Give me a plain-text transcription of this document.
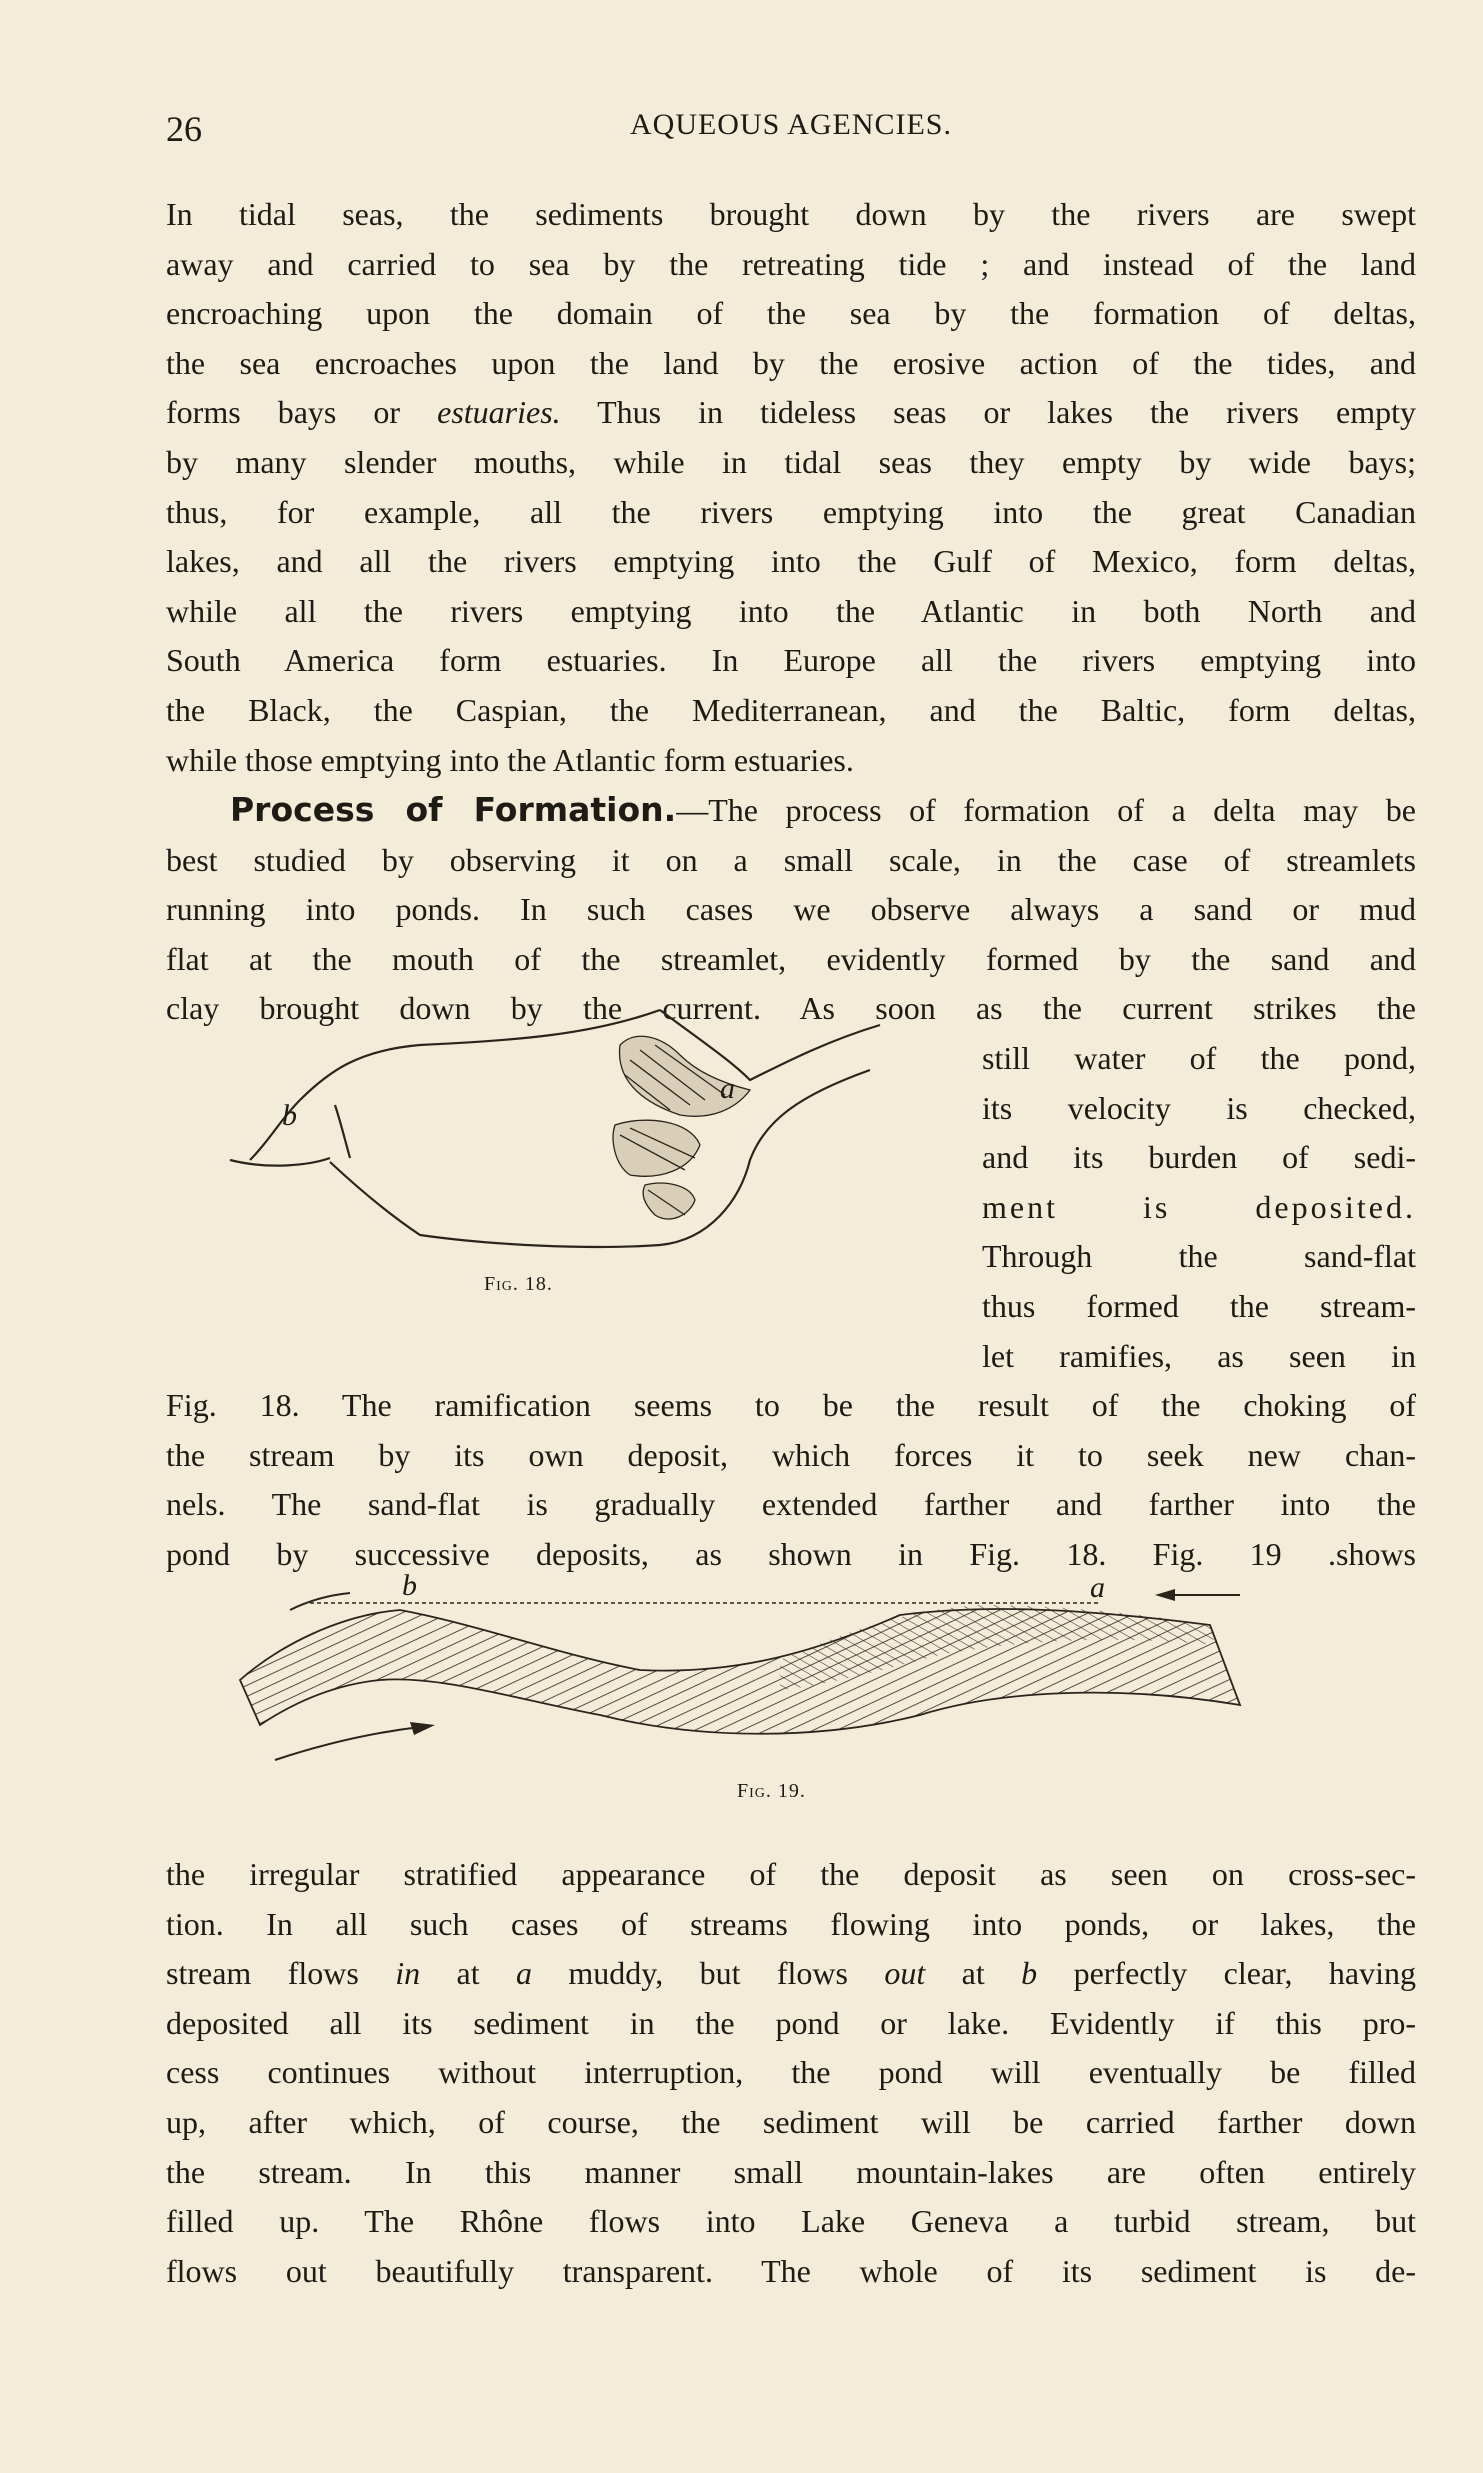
26	AQUEOUS AGENCIES.
In tidal seas, the sediments brought down by the rivers are swept
away and carried to sea by the retreating tide ; and instead of the land
encroaching upon the domain of the sea by the formation of deltas,
the sea encroaches upon the land by the erosive action of the tides, and
forms bays or estuaries. Thus in tideless seas or lakes the rivers empty
by many slender mouths, while in tidal seas they empty by wide bays;
thus, for example, all the rivers emptying into the great Canadian
lakes, and all the rivers emptying into the Gulf of Mexico, form deltas,
while all the rivers emptying into the Atlantic in both North and
South America form estuaries. In Europe all the rivers emptying into
the Black, the Caspian, the Mediterranean, and the Baltic, form deltas,
while those emptying into the Atlantic form estuaries.
Process of Formation.—The process of formation of a delta may be
best studied by observing it on a small scale, in the case of streamlets
running into ponds. In such cases we observe always a sand or mud
flat at the mouth of the streamlet, evidently formed by the sand and
clay brought down by the current. As soon as the current strikes the
still water of the pond,
its velocity is checked,
and its burden of sedi-
ment is deposited.
Through the sand-flat
thus formed the stream-
let ramifies, as seen in
Fig. 18. The ramification seems to be the result of the choking of
the stream by its own deposit, which forces it to seek new chan-
nels. The sand-flat is gradually extended farther and farther into the
pond by successive deposits, as shown in Fig. 18. Fig. 19 .shows
b
a
Fig. 18.
b	a
Fig. 19.
the irregular stratified appearance of the deposit as seen on cross-sec-
tion. In all such cases of streams flowing into ponds, or lakes, the
stream flows in at a muddy, but flows out at b perfectly clear, having
deposited all its sediment in the pond or lake. Evidently if this pro-
cess continues without interruption, the pond will eventually be filled
up, after which, of course, the sediment will be carried farther down
the stream. In this manner small mountain-lakes are often entirely
filled up. The Rhône flows into Lake Geneva a turbid stream, but
flows out beautifully transparent. The whole of its sediment is de-
